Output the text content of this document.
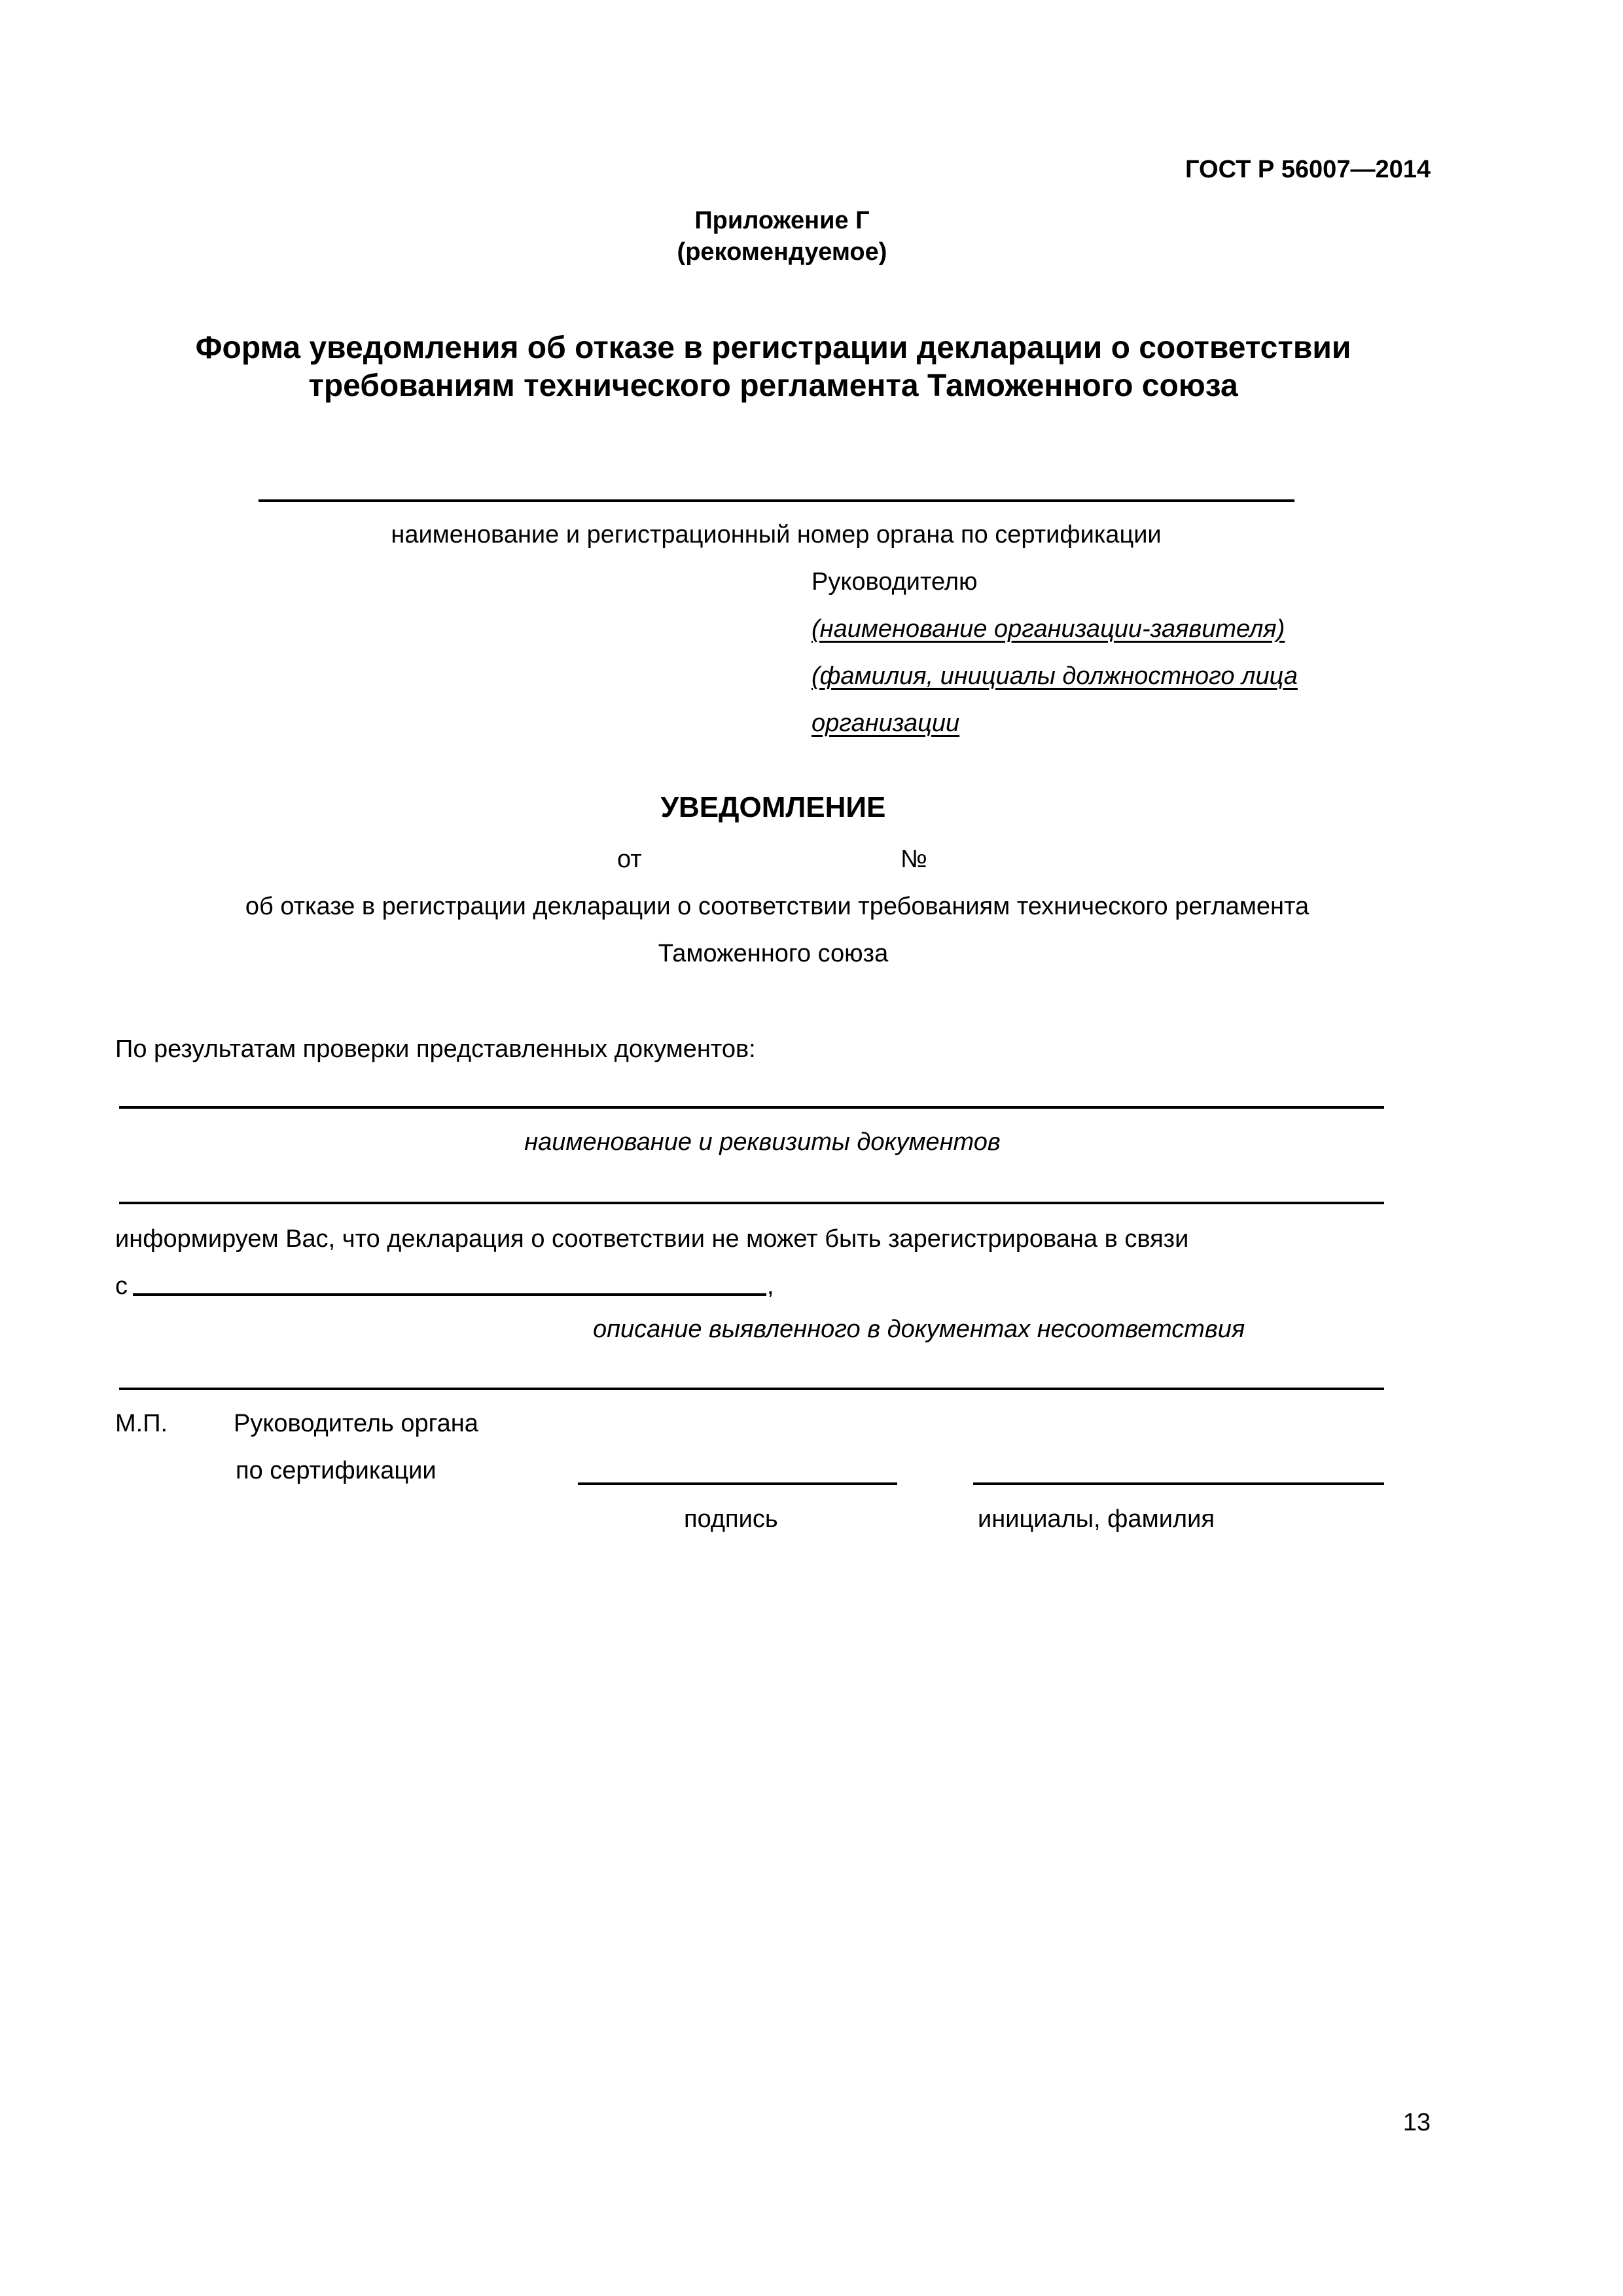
ГОСТ Р 56007—2014
Приложение Г
(рекомендуемое)
Форма уведомления об отказе в регистрации декларации о соответствии
требованиям технического регламента Таможенного союза
наименование и регистрационный номер органа по сертификации
Руководителю
(наименование организации-заявителя)
(фамилия, инициалы должностного лица
организации
УВЕДОМЛЕНИЕ
от	№
об отказе в регистрации декларации о соответствии требованиям технического регламента
Таможенного союза
По результатам проверки представленных документов:
наименование и реквизиты документов
информируем Вас, что декларация о соответствии не может быть зарегистрирована в связи
с	,
описание выявленного в документах несоответствия
М.П.	Руководитель органа
по сертификации
подпись	инициалы, фамилия
13
